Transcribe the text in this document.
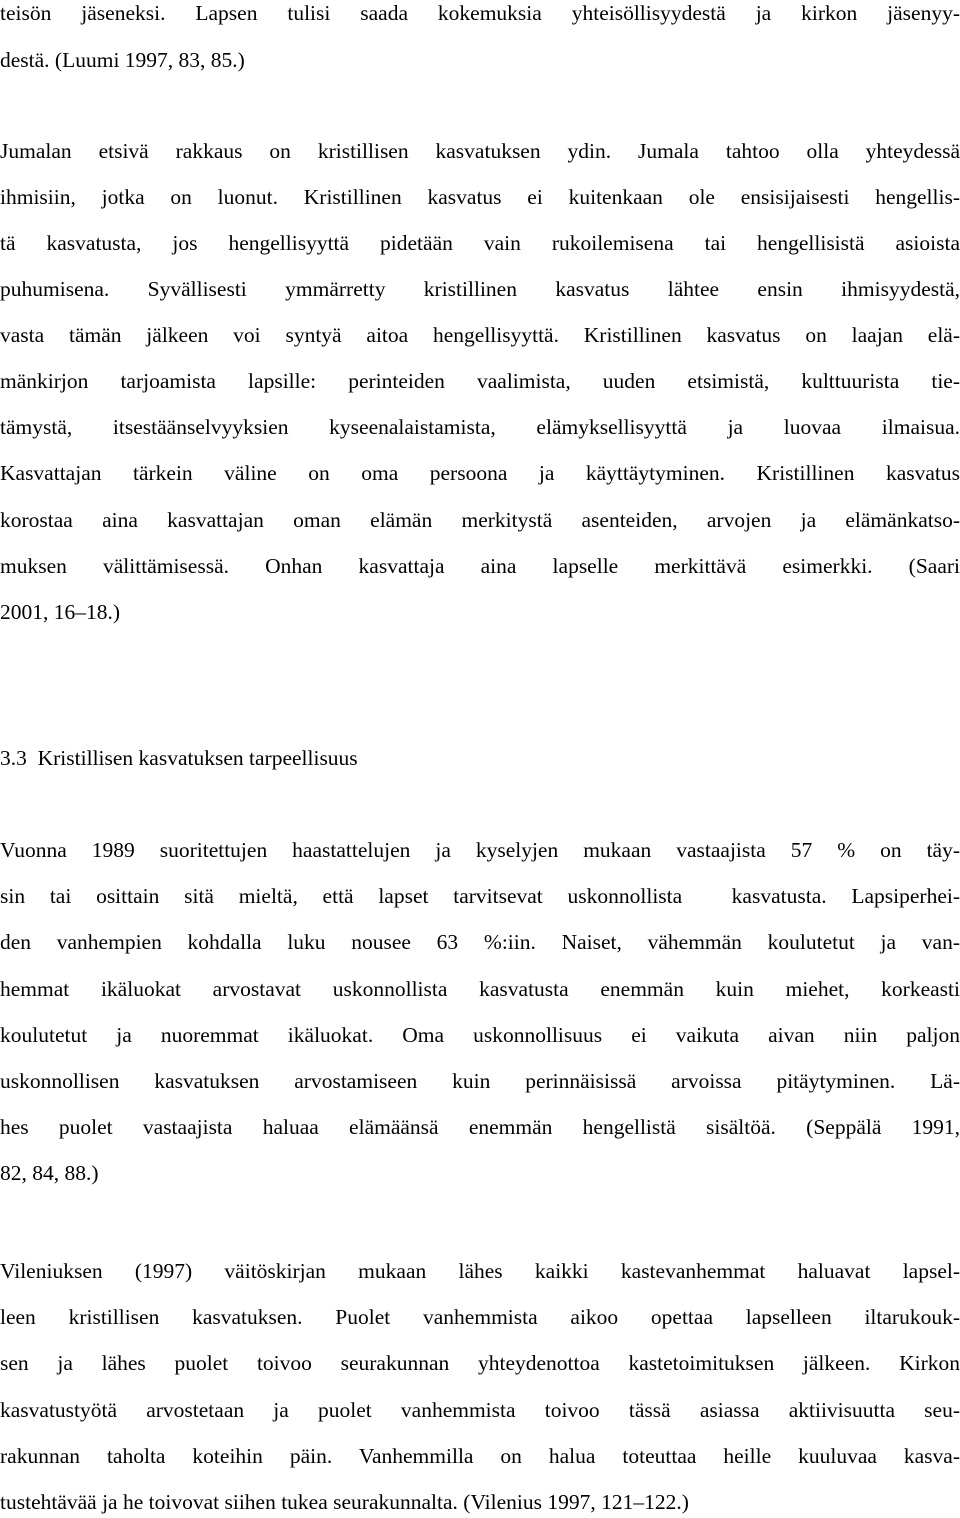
teisön jäseneksi. Lapsen tulisi saada kokemuksia yhteisöllisyydestä ja kirkon jäsenyy-
destä. (Luumi 1997, 83, 85.)
Jumalan etsivä rakkaus on kristillisen kasvatuksen ydin. Jumala tahtoo olla yhteydessä
ihmisiin, jotka on luonut. Kristillinen kasvatus ei kuitenkaan ole ensisijaisesti hengellis-
tä kasvatusta, jos hengellisyyttä pidetään vain rukoilemisena tai hengellisistä asioista
puhumisena. Syvällisesti ymmärretty kristillinen kasvatus lähtee ensin ihmisyydestä,
vasta tämän jälkeen voi syntyä aitoa hengellisyyttä. Kristillinen kasvatus on laajan elä-
mänkirjon tarjoamista lapsille: perinteiden vaalimista, uuden etsimistä, kulttuurista tie-
tämystä, itsestäänselvyyksien kyseenalaistamista, elämyksellisyyttä ja luovaa ilmaisua.
Kasvattajan tärkein väline on oma persoona ja käyttäytyminen. Kristillinen kasvatus
korostaa aina kasvattajan oman elämän merkitystä asenteiden, arvojen ja elämänkatso-
muksen välittämisessä. Onhan kasvattaja aina lapselle merkittävä esimerkki. (Saari
2001, 16–18.)
3.3  Kristillisen kasvatuksen tarpeellisuus
Vuonna 1989 suoritettujen haastattelujen ja kyselyjen mukaan vastaajista 57 % on täy-
sin tai osittain sitä mieltä, että lapset tarvitsevat uskonnollista  kasvatusta. Lapsiperhei-
den vanhempien kohdalla luku nousee 63 %:iin. Naiset, vähemmän koulutetut ja van-
hemmat ikäluokat arvostavat uskonnollista kasvatusta enemmän kuin miehet, korkeasti
koulutetut ja nuoremmat ikäluokat. Oma uskonnollisuus ei vaikuta aivan niin paljon
uskonnollisen kasvatuksen arvostamiseen kuin perinnäisissä arvoissa pitäytyminen. Lä-
hes puolet vastaajista haluaa elämäänsä enemmän hengellistä sisältöä. (Seppälä 1991,
82, 84, 88.)
Vileniuksen (1997) väitöskirjan mukaan lähes kaikki kastevanhemmat haluavat lapsel-
leen kristillisen kasvatuksen. Puolet vanhemmista aikoo opettaa lapselleen iltarukouk-
sen ja lähes puolet toivoo seurakunnan yhteydenottoa kastetoimituksen jälkeen. Kirkon
kasvatustyötä arvostetaan ja puolet vanhemmista toivoo tässä asiassa aktiivisuutta seu-
rakunnan taholta koteihin päin. Vanhemmilla on halua toteuttaa heille kuuluvaa kasva-
tustehtävää ja he toivovat siihen tukea seurakunnalta. (Vilenius 1997, 121–122.)
